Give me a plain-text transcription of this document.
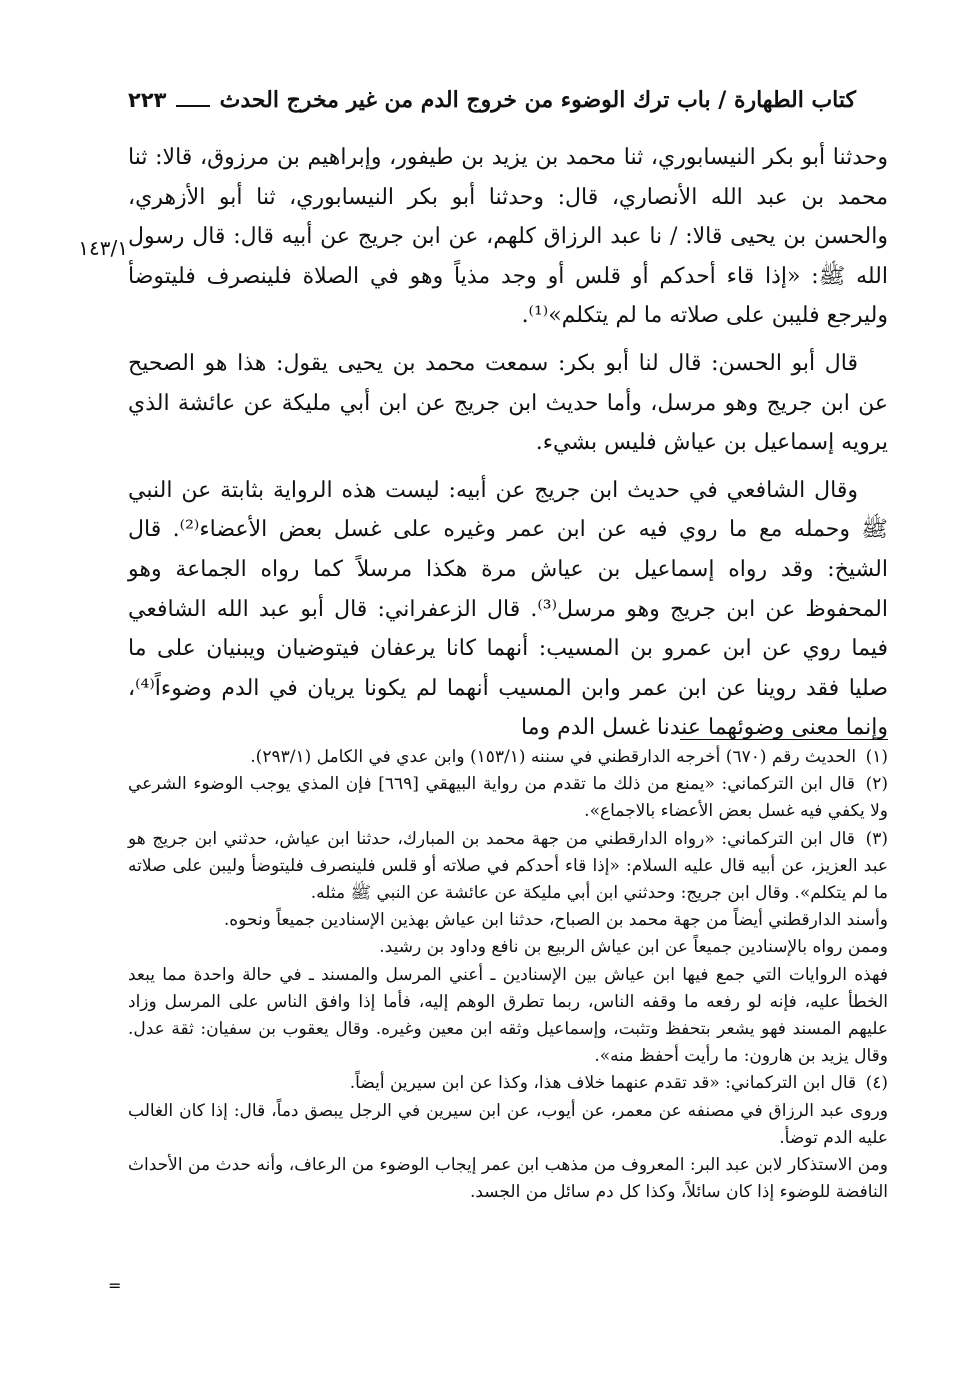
كتاب الطهارة / باب ترك الوضوء من خروج الدم من غير مخرج الحدث
٢٢٣
١٤٣/١

وحدثنا أبو بكر النيسابوري، ثنا محمد بن يزيد بن طيفور، وإبراهيم بن مرزوق، قالا: ثنا محمد بن عبد الله الأنصاري، قال: وحدثنا أبو بكر النيسابوري، ثنا أبو الأزهري، والحسن بن يحيى قالا: / نا عبد الرزاق كلهم، عن ابن جريج عن أبيه قال: قال رسول الله ﷺ: «إذا قاء أحدكم أو قلس أو وجد مذياً وهو في الصلاة فلينصرف فليتوضأ وليرجع فليبن على صلاته ما لم يتكلم»⁽¹⁾.

قال أبو الحسن: قال لنا أبو بكر: سمعت محمد بن يحيى يقول: هذا هو الصحيح عن ابن جريج وهو مرسل، وأما حديث ابن جريج عن ابن أبي مليكة عن عائشة الذي يرويه إسماعيل بن عياش فليس بشيء.

وقال الشافعي في حديث ابن جريج عن أبيه: ليست هذه الرواية بثابتة عن النبي ﷺ وحمله مع ما روي فيه عن ابن عمر وغيره على غسل بعض الأعضاء⁽²⁾. قال الشيخ: وقد رواه إسماعيل بن عياش مرة هكذا مرسلاً كما رواه الجماعة وهو المحفوظ عن ابن جريج وهو مرسل⁽³⁾. قال الزعفراني: قال أبو عبد الله الشافعي فيما روي عن ابن عمرو بن المسيب: أنهما كانا يرعفان فيتوضيان ويبنيان على ما صليا فقد روينا عن ابن عمر وابن المسيب أنهما لم يكونا يريان في الدم وضوءاً⁽⁴⁾، وإنما معنى وضوئهما عندنا غسل الدم وما

(١) الحديث رقم (٦٧٠) أخرجه الدارقطني في سننه (١٥٣/١) وابن عدي في الكامل (٢٩٣/١).
(٢) قال ابن التركماني: «يمنع من ذلك ما تقدم من رواية البيهقي [٦٦٩] فإن المذي يوجب الوضوء الشرعي ولا يكفي فيه غسل بعض الأعضاء بالاجماع».
(٣) قال ابن التركماني: «رواه الدارقطني من جهة محمد بن المبارك، حدثنا ابن عياش، حدثني ابن جريج هو عبد العزيز، عن أبيه قال عليه السلام: «إذا قاء أحدكم في صلاته أو قلس فلينصرف فليتوضأ وليبن على صلاته ما لم يتكلم». وقال ابن جريج: وحدثني ابن أبي مليكة عن عائشة عن النبي ﷺ مثله.
وأسند الدارقطني أيضاً من جهة محمد بن الصباح، حدثنا ابن عياش بهذين الإسنادين جميعاً ونحوه.
وممن رواه بالإسنادين جميعاً عن ابن عياش الربيع بن نافع وداود بن رشيد.
فهذه الروايات التي جمع فيها ابن عياش بين الإسنادين ـ أعني المرسل والمسند ـ في حالة واحدة مما يبعد الخطأ عليه، فإنه لو رفعه ما وقفه الناس، ربما تطرق الوهم إليه، فأما إذا وافق الناس على المرسل وزاد عليهم المسند فهو يشعر بتحفظ وتثبت، وإسماعيل وثقه ابن معين وغيره. وقال يعقوب بن سفيان: ثقة عدل. وقال يزيد بن هارون: ما رأيت أحفظ منه».
(٤) قال ابن التركماني: «قد تقدم عنهما خلاف هذا، وكذا عن ابن سيرين أيضاً.
وروى عبد الرزاق في مصنفه عن معمر، عن أيوب، عن ابن سيرين في الرجل يبصق دماً، قال: إذا كان الغالب عليه الدم توضأ.
ومن الاستذكار لابن عبد البر: المعروف من مذهب ابن عمر إيجاب الوضوء من الرعاف، وأنه حدث من الأحداث النافضة للوضوء إذا كان سائلاً، وكذا كل دم سائل من الجسد.
=
